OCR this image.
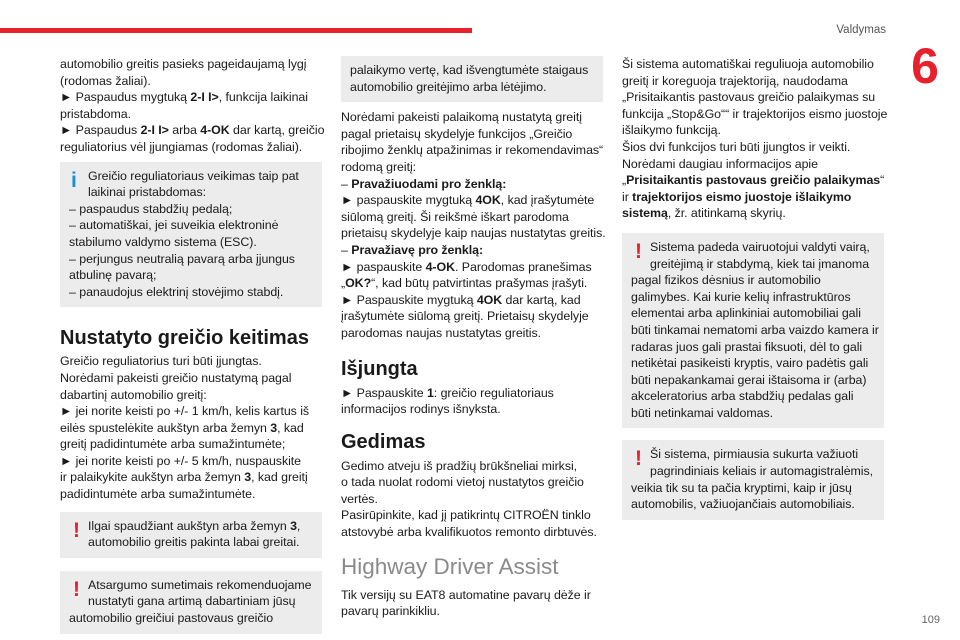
Valdymas
6
109
automobilio greitis pasieks pageidaujamą lygį
(rodomas žaliai).
► Paspaudus mygtuką 2-I I>, funkcija laikinai
pristabdoma.
► Paspaudus 2-I I> arba 4-OK dar kartą, greičio
reguliatorius vėl įjungiamas (rodomas žaliai).
i Greičio reguliatoriaus veikimas taip pat
laikinai pristabdomas:
– paspaudus stabdžių pedalą;
– automatiškai, jei suveikia elektroninė
stabilumo valdymo sistema (ESC).
– perjungus neutralią pavarą arba įjungus
atbulinę pavarą;
– panaudojus elektrinį stovėjimo stabdį.
Nustatyto greičio keitimas
Greičio reguliatorius turi būti įjungtas.
Norėdami pakeisti greičio nustatymą pagal
dabartinį automobilio greitį:
► jei norite keisti po +/- 1 km/h, kelis kartus iš
eilės spustelėkite aukštyn arba žemyn 3, kad
greitį padidintumėte arba sumažintumėte;
► jei norite keisti po +/- 5 km/h, nuspauskite
ir palaikykite aukštyn arba žemyn 3, kad greitį
padidintumėte arba sumažintumėte.
! Ilgai spaudžiant aukštyn arba žemyn 3,
automobilio greitis pakinta labai greitai.
! Atsargumo sumetimais rekomenduojame
nustatyti gana artimą dabartiniam jūsų
automobilio greičiui pastovaus greičio
palaikymo vertę, kad išvengtumėte staigaus
automobilio greitėjimo arba lėtėjimo.
Norėdami pakeisti palaikomą nustatytą greitį
pagal prietaisų skydelyje funkcijos „Greičio
ribojimo ženklų atpažinimas ir rekomendavimas“
rodomą greitį:
– Pravažiuodami pro ženklą:
► paspauskite mygtuką 4OK, kad įrašytumėte
siūlomą greitį. Ši reikšmė iškart parodoma
prietaisų skydelyje kaip naujas nustatytas greitis.
– Pravažiavę pro ženklą:
► paspauskite 4-OK. Parodomas pranešimas
„OK?“, kad būtų patvirtintas prašymas įrašyti.
► Paspauskite mygtuką 4OK dar kartą, kad
įrašytumėte siūlomą greitį. Prietaisų skydelyje
parodomas naujas nustatytas greitis.
Išjungta
► Paspauskite 1: greičio reguliatoriaus
informacijos rodinys išnyksta.
Gedimas
Gedimo atveju iš pradžių brūkšneliai mirksi,
o tada nuolat rodomi vietoj nustatytos greičio
vertės.
Pasirūpinkite, kad jį patikrintų CITROËN tinklo
atstovybė arba kvalifikuotos remonto dirbtuvės.
Highway Driver Assist
Tik versijų su EAT8 automatine pavarų dėže ir
pavarų parinkikliu.
Ši sistema automatiškai reguliuoja automobilio
greitį ir koreguoja trajektoriją, naudodama
„Prisitaikantis pastovaus greičio palaikymas su
funkcija „Stop&Go““ ir trajektorijos eismo juostoje
išlaikymo funkciją.
Šios dvi funkcijos turi būti įjungtos ir veikti.
Norėdami daugiau informacijos apie
„Prisitaikantis pastovaus greičio palaikymas“
ir trajektorijos eismo juostoje išlaikymo
sistemą, žr. atitinkamą skyrių.
! Sistema padeda vairuotojui valdyti vairą,
greitėjimą ir stabdymą, kiek tai įmanoma
pagal fizikos dėsnius ir automobilio
galimybes. Kai kurie kelių infrastruktūros
elementai arba aplinkiniai automobiliai gali
būti tinkamai nematomi arba vaizdo kamera ir
radaras juos gali prastai fiksuoti, dėl to gali
netikėtai pasikeisti kryptis, vairo padėtis gali
būti nepakankamai gerai ištaisoma ir (arba)
akceleratorius arba stabdžių pedalas gali
būti netinkamai valdomas.
! Ši sistema, pirmiausia sukurta važiuoti
pagrindiniais keliais ir automagistralėmis,
veikia tik su ta pačia kryptimi, kaip ir jūsų
automobilis, važiuojančiais automobiliais.
